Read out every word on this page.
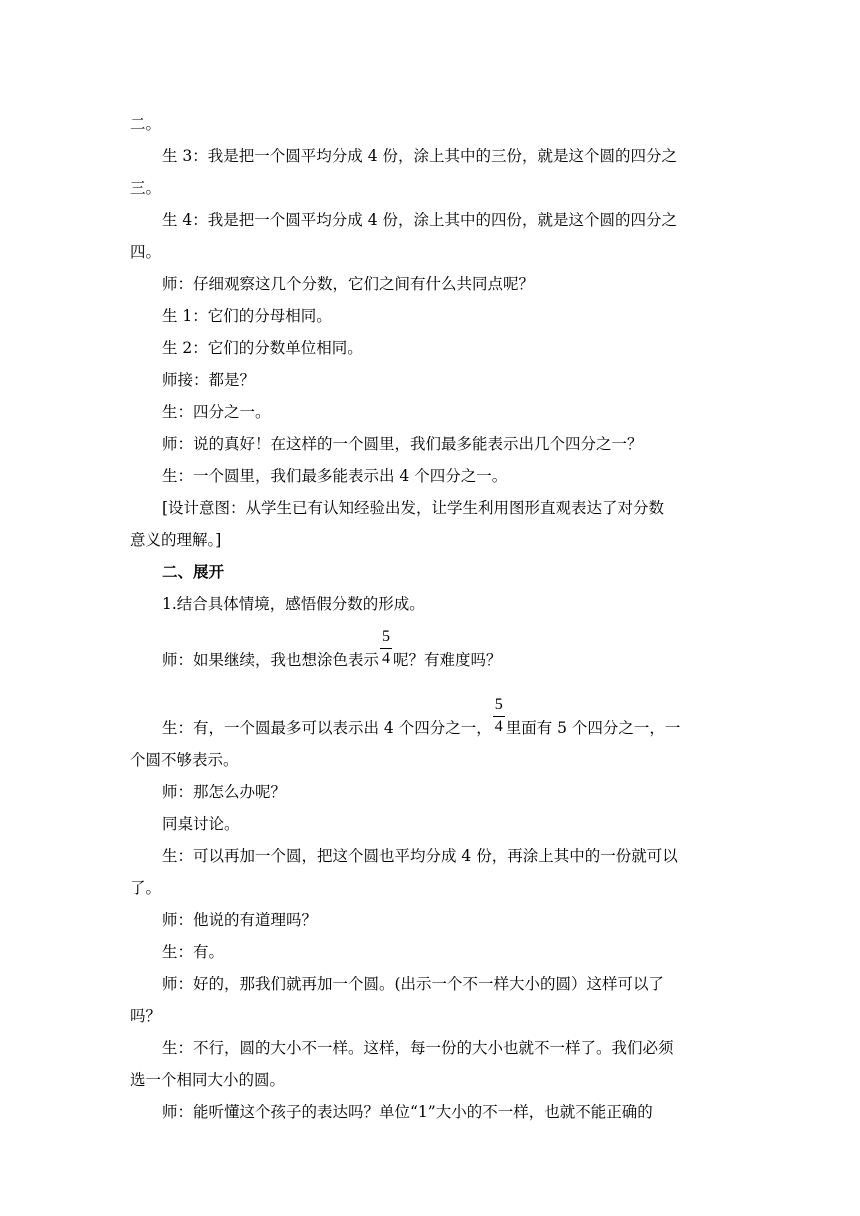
二。
生 3：我是把一个圆平均分成 4 份，涂上其中的三份，就是这个圆的四分之
三。
生 4：我是把一个圆平均分成 4 份，涂上其中的四份，就是这个圆的四分之
四。
师：仔细观察这几个分数，它们之间有什么共同点呢？
生 1：它们的分母相同。
生 2：它们的分数单位相同。
师接：都是？
生：四分之一。
师：说的真好！在这样的一个圆里，我们最多能表示出几个四分之一？
生：一个圆里，我们最多能表示出 4 个四分之一。
[设计意图：从学生已有认知经验出发，让学生利用图形直观表达了对分数
意义的理解。]
二、展开
1.结合具体情境，感悟假分数的形成。
师：如果继续，我也想涂色表示
$\frac{5}{4}$
呢？有难度吗？
生：有，一个圆最多可以表示出 4 个四分之一，
$\frac{5}{4}$
里面有 5 个四分之一，一
个圆不够表示。
师：那怎么办呢？
同桌讨论。
生：可以再加一个圆，把这个圆也平均分成 4 份，再涂上其中的一份就可以
了。
师：他说的有道理吗？
生：有。
师：好的，那我们就再加一个圆。(出示一个不一样大小的圆）这样可以了
吗？
生：不行，圆的大小不一样。这样，每一份的大小也就不一样了。我们必须
选一个相同大小的圆。
师：能听懂这个孩子的表达吗？单位“1”大小的不一样，也就不能正确的
